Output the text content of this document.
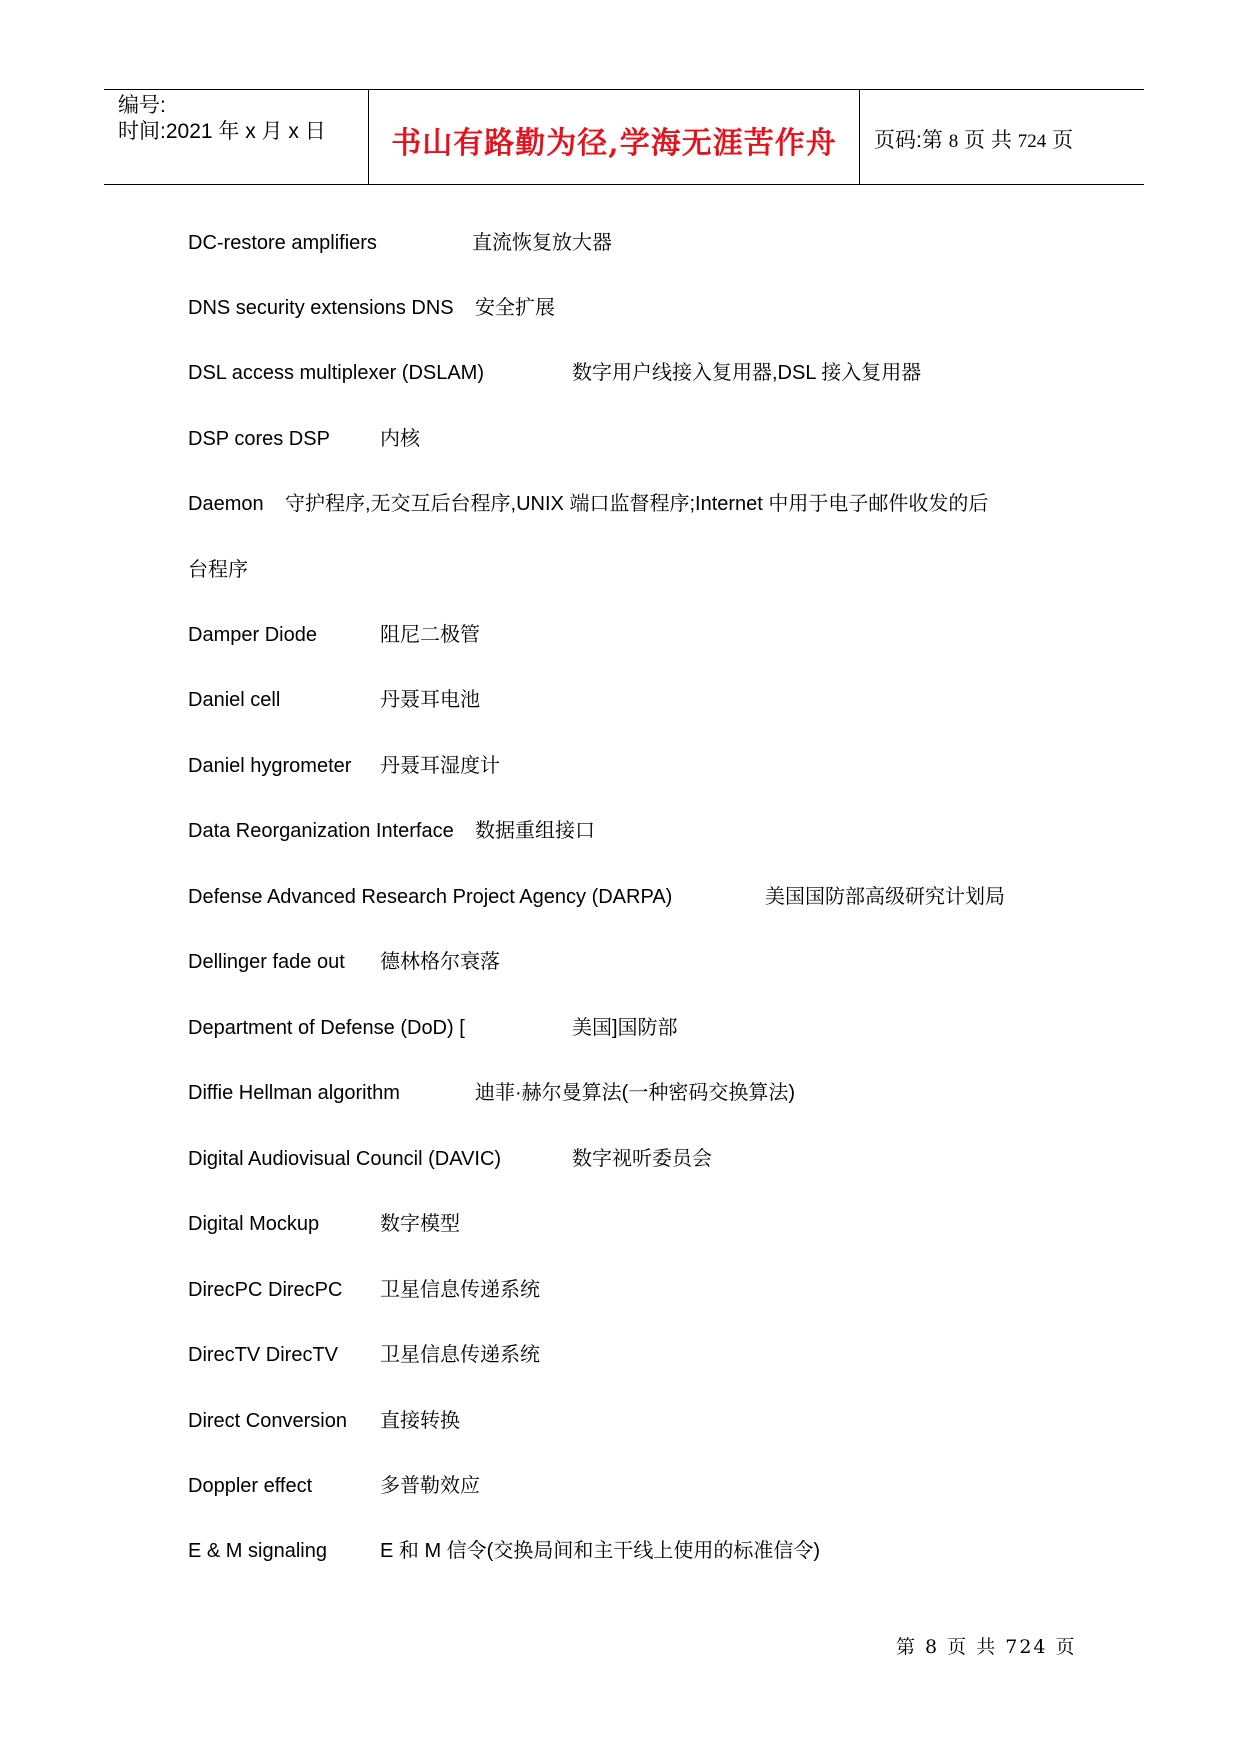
编号:
时间:2021 年 x 月 x 日	书山有路勤为径,学海无涯苦作舟	页码:第 8 页 共 724 页
DC-restore amplifiers	直流恢复放大器
DNS security extensions DNS 安全扩展
DSL access multiplexer (DSLAM)	数字用户线接入复用器,DSL 接入复用器
DSP cores DSP	内核
Daemon 守护程序,无交互后台程序,UNIX 端口监督程序;Internet 中用于电子邮件收发的后
台程序
Damper Diode	阻尼二极管
Daniel cell	丹聂耳电池
Daniel hygrometer 丹聂耳湿度计
Data Reorganization Interface 数据重组接口
Defense Advanced Research Project Agency (DARPA)	美国国防部高级研究计划局
Dellinger fade out 德林格尔衰落
Department of Defense (DoD) [	美国]国防部
Diffie Hellman algorithm	迪菲·赫尔曼算法(一种密码交换算法)
Digital Audiovisual Council (DAVIC)	数字视听委员会
Digital Mockup	数字模型
DirecPC DirecPC 卫星信息传递系统
DirecTV DirecTV 卫星信息传递系统
Direct Conversion 直接转换
Doppler effect	多普勒效应
E & M signaling	E 和 M 信令(交换局间和主干线上使用的标准信令)
第 8 页 共 724 页
